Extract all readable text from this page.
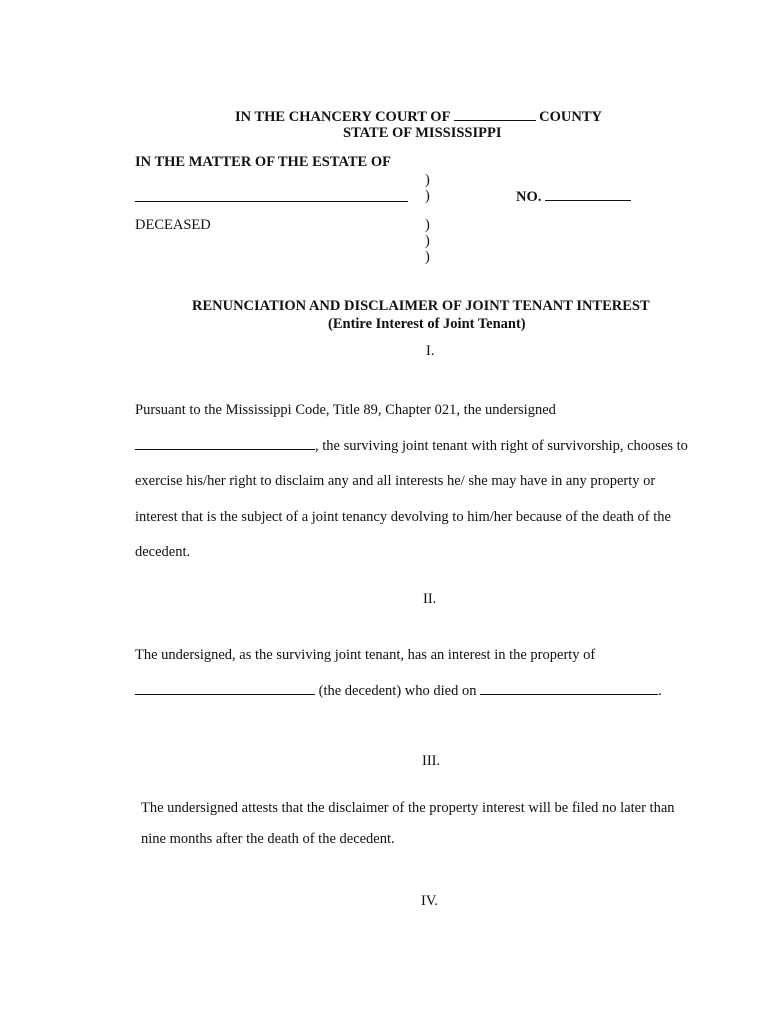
IN THE CHANCERY COURT OF	COUNTY
STATE OF MISSISSIPPI
IN THE MATTER OF THE ESTATE OF
)
)	NO.
DECEASED	)
)
)
RENUNCIATION AND DISCLAIMER OF JOINT TENANT INTEREST
(Entire Interest of Joint Tenant)
I.
Pursuant to the Mississippi Code, Title 89, Chapter 021, the undersigned
, the surviving joint tenant with right of survivorship, chooses to
exercise his/her right to disclaim any and all interests he/ she may have in any property or
interest that is the subject of a joint tenancy devolving to him/her because of the death of the
decedent.
II.
The undersigned, as the surviving joint tenant, has an interest in the property of
(the decedent) who died on	.
III.
The undersigned attests that the disclaimer of the property interest will be filed no later than
nine months after the death of the decedent.
IV.
